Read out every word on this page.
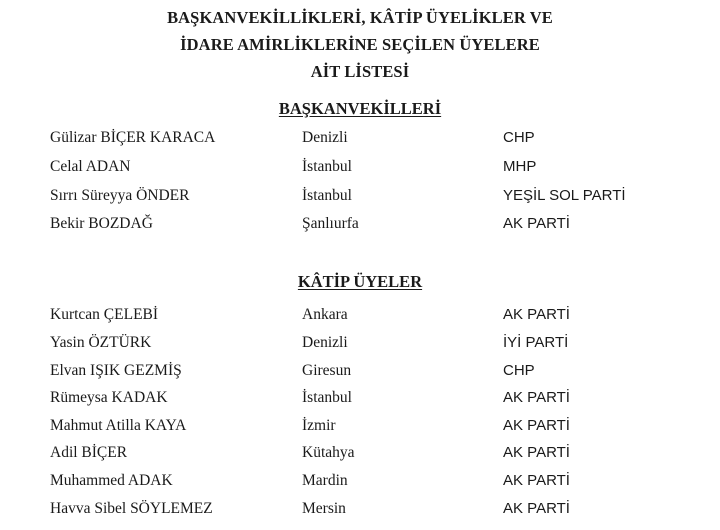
BAŞKANVEKİLLİKLERİ, KÂTİP ÜYELİKLER VE
İDARE AMİRLİKLERİNE SEÇİLEN ÜYELERE
AİT LİSTESİ
BAŞKANVEKİLLERİ
Gülizar BİÇER KARACA	Denizli	CHP
Celal ADAN	İstanbul	MHP
Sırrı Süreyya ÖNDER	İstanbul	YEŞİL SOL PARTİ
Bekir BOZDAĞ	Şanlıurfa	AK PARTİ
KÂTİP ÜYELER
Kurtcan ÇELEBİ	Ankara	AK PARTİ
Yasin ÖZTÜRK	Denizli	İYİ PARTİ
Elvan IŞIK GEZMİŞ	Giresun	CHP
Rümeysa KADAK	İstanbul	AK PARTİ
Mahmut Atilla KAYA	İzmir	AK PARTİ
Adil BİÇER	Kütahya	AK PARTİ
Muhammed ADAK	Mardin	AK PARTİ
Havva Sibel SÖYLEMEZ	Mersin	AK PARTİ
